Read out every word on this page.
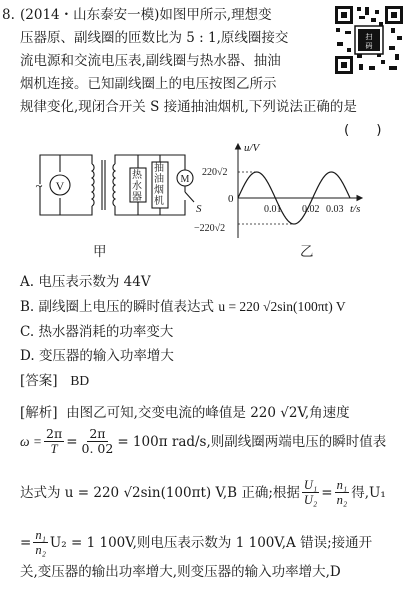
8. (2014・山东泰安一模)如图甲所示,理想变
压器原、副线圈的匝数比为 5 : 1,原线圈接交
流电源和交流电压表,副线圈与热水器、抽油
烟机连接。已知副线圈上的电压按图乙所示
规律变化,现闭合开关 S 接通抽油烟机,下列说法正确的是
(　　)
扫
码
~ V	M
S
热水器
抽油烟机
甲
u/V
t/s
0
220√2
−220√2
0.01 0.02 0.03
乙
A. 电压表示数为 44V
B. 副线圈上电压的瞬时值表达式 u = 220 √2sin(100πt) V
C. 热水器消耗的功率变大
D. 变压器的输入功率增大
[答案] BD
[解析] 由图乙可知,交变电流的峰值是 220 √2V,角速度
$\omega = \frac{2\pi}{T} = \frac{2\pi}{0. 02} = 100\pi$ rad/s,则副线圈两端电压的瞬时值表
达式为 u = 220 √2sin(100πt) V,B 正确;根据 $\frac{\text{U₁}}{\text{U₂}} = \frac{\text{n₁}}{\text{n₂}}$ 得,U₁
= $\frac{\text{n₁}}{\text{n₂}} U_2 = 1$ 100V,则电压表示数为 1 100V,A 错误;接通开
关,变压器的输出功率增大,则变压器的输入功率增大,D
